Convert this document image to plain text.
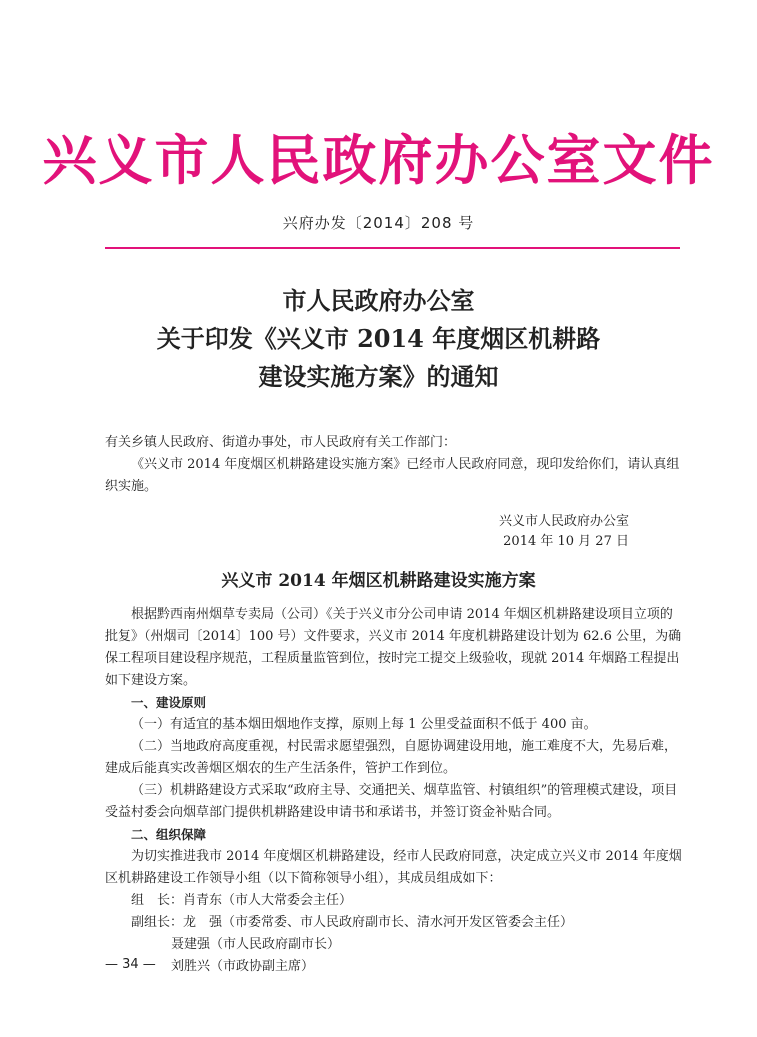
兴义市人民政府办公室文件
兴府办发〔2014〕208 号
市人民政府办公室
关于印发《兴义市 2014 年度烟区机耕路
建设实施方案》的通知
有关乡镇人民政府、街道办事处，市人民政府有关工作部门：
《兴义市 2014 年度烟区机耕路建设实施方案》已经市人民政府同意，现印发给你们，请认真组织实施。
兴义市人民政府办公室
2014 年 10 月 27 日
兴义市 2014 年烟区机耕路建设实施方案

根据黔西南州烟草专卖局（公司）《关于兴义市分公司申请 2014 年烟区机耕路建设项目立项的批复》（州烟司〔2014〕100 号）文件要求，兴义市 2014 年度机耕路建设计划为 62.6 公里，为确保工程项目建设程序规范，工程质量监管到位，按时完工提交上级验收，现就 2014 年烟路工程提出如下建设方案。

一、建设原则

（一）有适宜的基本烟田烟地作支撑，原则上每 1 公里受益面积不低于 400 亩。

（二）当地政府高度重视，村民需求愿望强烈，自愿协调建设用地，施工难度不大，先易后难，建成后能真实改善烟区烟农的生产生活条件，管护工作到位。

（三）机耕路建设方式采取“政府主导、交通把关、烟草监管、村镇组织”的管理模式建设，项目受益村委会向烟草部门提供机耕路建设申请书和承诺书，并签订资金补贴合同。

二、组织保障

为切实推进我市 2014 年度烟区机耕路建设，经市人民政府同意，决定成立兴义市 2014 年度烟区机耕路建设工作领导小组（以下简称领导小组），其成员组成如下：

组　长：肖青东（市人大常委会主任）

副组长：龙　强（市委常委、市人民政府副市长、清水河开发区管委会主任）

聂建强（市人民政府副市长）

刘胜兴（市政协副主席）

— 34 —
